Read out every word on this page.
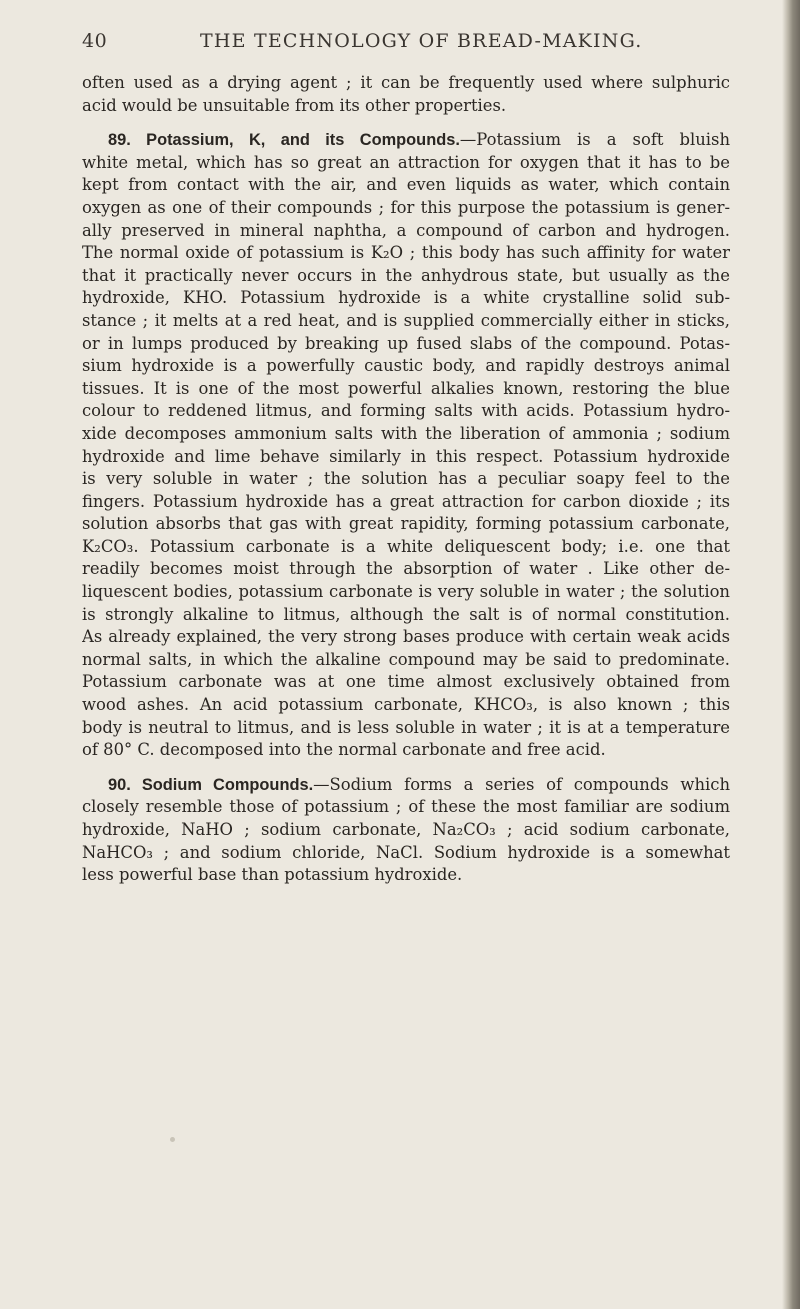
40	THE TECHNOLOGY OF BREAD-MAKING.
often used as a drying agent ; it can be frequently used where sulphuric
acid would be unsuitable from its other properties.
89. Potassium, K, and its Compounds.—Potassium is a soft bluish
white metal, which has so great an attraction for oxygen that it has to be
kept from contact with the air, and even liquids as water, which contain
oxygen as one of their compounds ; for this purpose the potassium is gener-
ally preserved in mineral naphtha, a compound of carbon and hydrogen.
The normal oxide of potassium is K₂O ; this body has such affinity for water
that it practically never occurs in the anhydrous state, but usually as the
hydroxide, KHO. Potassium hydroxide is a white crystalline solid sub-
stance ; it melts at a red heat, and is supplied commercially either in sticks,
or in lumps produced by breaking up fused slabs of the compound. Potas-
sium hydroxide is a powerfully caustic body, and rapidly destroys animal
tissues. It is one of the most powerful alkalies known, restoring the blue
colour to reddened litmus, and forming salts with acids. Potassium hydro-
xide decomposes ammonium salts with the liberation of ammonia ; sodium
hydroxide and lime behave similarly in this respect. Potassium hydroxide
is very soluble in water ; the solution has a peculiar soapy feel to the
fingers. Potassium hydroxide has a great attraction for carbon dioxide ; its
solution absorbs that gas with great rapidity, forming potassium carbonate,
K₂CO₃. Potassium carbonate is a white deliquescent body; i.e. one that
readily becomes moist through the absorption of water . Like other de-
liquescent bodies, potassium carbonate is very soluble in water ; the solution
is strongly alkaline to litmus, although the salt is of normal constitution.
As already explained, the very strong bases produce with certain weak acids
normal salts, in which the alkaline compound may be said to predominate.
Potassium carbonate was at one time almost exclusively obtained from
wood ashes. An acid potassium carbonate, KHCO₃, is also known ; this
body is neutral to litmus, and is less soluble in water ; it is at a temperature
of 80° C. decomposed into the normal carbonate and free acid.
90. Sodium Compounds.—Sodium forms a series of compounds which
closely resemble those of potassium ; of these the most familiar are sodium
hydroxide, NaHO ; sodium carbonate, Na₂CO₃ ; acid sodium carbonate,
NaHCO₃ ; and sodium chloride, NaCl. Sodium hydroxide is a somewhat
less powerful base than potassium hydroxide.
